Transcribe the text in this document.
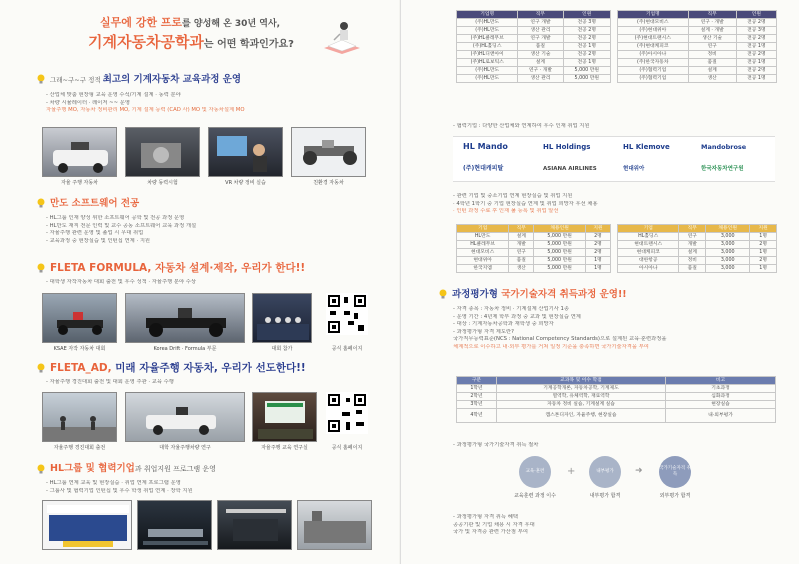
실무에 강한 프로를 양성해 온 30년 역사,
기계자동차공학과는 어떤 학과인가요?
그래~구~구 정적 최고의 기계자동차 교육과정 운영
- 산업체 맞춤 현장형 교육 운영 수석/기계 설계 · 동력 분야
- 차량 시뮬레이터 · 레이저 ~~ 운영
자율주행 MO, 자동차 정비관리 MO, 기계 설계 능력 (CAD 사) MO 및 자동차설계 MO
자율 주행 자동차	차량 동력시험	VR 차량 정비 실습	친환경 자동차
만도 소프트웨어 전공
- HL그룹 인재 양성 위한 소프트웨어 공학 및 전공 과정 운영
- HL만도 재직 전문 인력 및 교수 공동 소프트웨어 교육 과정 개설
- 자율주행 관련 운영 및 졸업 시 우대 취업
- 교육과정 중 현장실습 및 인턴십 연계 · 지원
FLETA FORMULA, 자동차 설계·제작, 우리가 한다!!
- 대학생 자작자동차 대회 출전 및 우수 성적 · 자율주행 분야 수상
KSAE 자작 자동차 대회	Korea Drift · Formula 부문	대회 참가	공식 홈페이지
FLETA_AD, 미래 자율주행 자동차, 우리가 선도한다!!
- 자율주행 경진대회 출전 및 대회 운영 주관 · 교육 수행
자율주행 경진대회 출전	대학 자율주행차량 연구	자율주행 교육 연구실	공식 홈페이지
HL그룹 및 협력기업과 취업지원 프로그램 운영
- HL그룹 연계 교육 및 현장실습 · 취업 연계 프로그램 운영
- 그룹사 및 협력기업 인턴십 및 우수 학생 취업 연계 · 장학 지원
기업명	직무	인원
(주)HL만도	연구 개발	전공 3명
(주)HL만도	생산 관리	전공 2명
(주)HL클레무브	연구 개발	전공 2명
(주)HL홀딩스	품질	전공 1명
(주)HL디앤아이	생산 기술	전공 2명
(주)HL로보틱스	설계	전공 1명
(주)HL만도	연구 · 개발	5,000 만원
(주)HL만도	생산 관리	5,000 만원
기업명	직무	인원
(주)현대모비스	연구 · 개발	전공 2명
(주)현대위아	설계 · 개발	전공 3명
(주)현대트랜시스	생산 기술	전공 2명
(주)현대케피코	연구	전공 1명
(주)아시아나	정비	전공 2명
(주)한국자동차	품질	전공 1명
(주)협력기업	설계	전공 2명
(주)협력기업	생산	전공 1명
- 협력기업 : 다양한 산업체와 연계하여 우수 인재 취업 지원
HL Mando	HL Holdings	HL Klemove	Mandobrose
(주)현대캐피탈	ASIANA AIRLINES	현대위아	한국자동차연구원
- 관련 기업 및 중소기업 연계 현장실습 및 취업 지원
· 4학년 1학기 중 기업 현장실습 연계 및 취업 희망자 우선 채용
· 인턴 과정 수료 후 인재 풀 등록 및 취업 알선
기업	직무	채용인원	지원
HL만도	설계	5,000 만원	2명
HL클레무브	개발	5,000 만원	2명
현대모비스	연구	5,000 만원	2명
현대위아	품질	5,000 만원	1명
한국지엠	생산	5,000 만원	1명
기업	직무	채용인원	지원
HL홀딩스	연구	3,000	1명
현대트랜시스	개발	3,000	2명
현대케피코	설계	3,000	1명
대한항공	정비	3,000	2명
아시아나	품질	3,000	1명
과정평가형 국가기술자격 취득과정 운영!!
- 자격 종목 : 자동차 정비 · 기계설계 산업기사 1종
- 운영 기간 : 4년제 학부 과정 중 교과 및 현장실습 연계
- 대상 : 기계자동차공학과 재학생 중 희망자
- 과정평가형 자격 제도란?
국가직무능력표준(NCS : National Competency Standards)으로 설계된 교육·훈련과정을
체계적으로 이수하고 내·외부 평가를 거쳐 일정 기준을 충족하면 국가기술자격을 부여
구분	교과목 및 이수 학점	비고
1학년	기계공학개론, 자동차공학, 기계제도	기초과정
2학년	열역학, 유체역학, 재료역학	심화과정
3학년	자동차 정비 실습, 기계설계 실습	현장실습
4학년	캡스톤디자인, 자율주행, 현장실습	내·외부평가
- 과정평가형 국가기술자격 취득 절차
교육·훈련 +	내부평가 ➜	국가기술자격 취득
교육훈련 과정 이수	내부평가 합격	외부평가 합격
- 과정평가형 자격 취득 혜택
공공기관 및 기업 채용 시 자격 우대
국가 및 자격증 관련 가산점 부여
